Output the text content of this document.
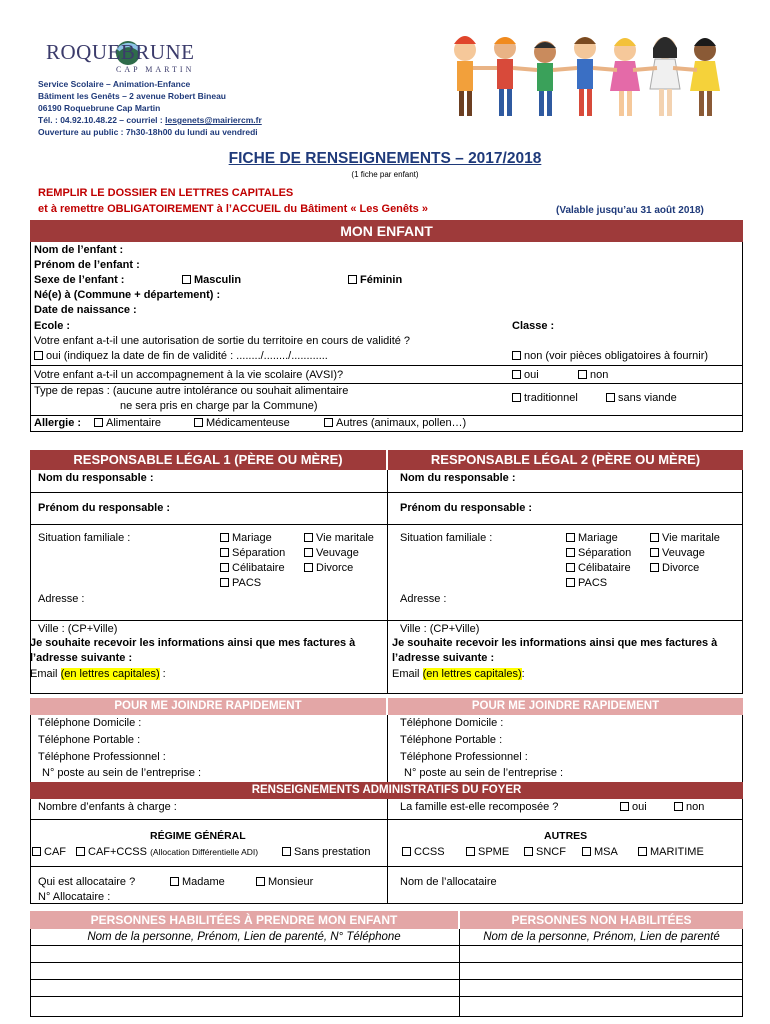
ROQUEBRUNE
CAP MARTIN
Service Scolaire – Animation-Enfance
Bâtiment les Genêts – 2 avenue Robert Bineau
06190 Roquebrune Cap Martin
Tél. : 04.92.10.48.22 – courriel : lesgenets@mairiercm.fr
Ouverture au public : 7h30-18h00 du lundi au vendredi
FICHE DE RENSEIGNEMENTS – 2017/2018
(1 fiche par enfant)
REMPLIR LE DOSSIER EN LETTRES CAPITALES
et à remettre OBLIGATOIREMENT à l’ACCUEIL du Bâtiment « Les Genêts »	(Valable jusqu’au 31 août 2018)
MON ENFANT
Nom de l’enfant :
Prénom de l’enfant :
Sexe de l’enfant :	Masculin	Féminin
Né(e) à (Commune + département) :
Date de naissance :
Ecole :	Classe :
Votre enfant a-t-il une autorisation de sortie du territoire en cours de validité ?
oui (indiquez la date de fin de validité : ......../......../............	non (voir pièces obligatoires à fournir)
Votre enfant a-t-il un accompagnement à la vie scolaire (AVSI)?	oui	non
Type de repas : (aucune autre intolérance ou souhait alimentaire
ne sera pris en charge par la Commune)
traditionnel	sans viande
Allergie :	Alimentaire	Médicamenteuse	Autres (animaux, pollen…)
RESPONSABLE LÉGAL 1 (PÈRE OU MÈRE)	RESPONSABLE LÉGAL 2 (PÈRE OU MÈRE)
Nom du responsable :
Prénom du responsable :
Situation familiale :	Mariage	Vie maritale
Séparation	Veuvage
Célibataire	Divorce
PACS
Adresse :
Ville : (CP+Ville)
Je souhaite recevoir les informations ainsi que mes factures à
l’adresse suivante :
Email (en lettres capitales) :
Nom du responsable :
Prénom du responsable :
Situation familiale :	Mariage	Vie maritale
Séparation	Veuvage
Célibataire	Divorce
PACS
Adresse :
Ville : (CP+Ville)
Je souhaite recevoir les informations ainsi que mes factures à
l’adresse suivante :
Email (en lettres capitales):
POUR ME JOINDRE RAPIDEMENT	POUR ME JOINDRE RAPIDEMENT
Téléphone Domicile :
Téléphone Portable :
Téléphone Professionnel :
N° poste au sein de l’entreprise :
Téléphone Domicile :
Téléphone Portable :
Téléphone Professionnel :
N° poste au sein de l’entreprise :
RENSEIGNEMENTS ADMINISTRATIFS DU FOYER
Nombre d’enfants à charge :	La famille est-elle recomposée ?	oui	non
RÉGIME GÉNÉRAL
CAF	CAF+CCSS (Allocation Différentielle ADI)	Sans prestation
AUTRES
CCSS	SPME	SNCF	MSA	MARITIME
Qui est allocataire ?	Madame	Monsieur
N° Allocataire :
Nom de l’allocataire
PERSONNES HABILITÉES À PRENDRE MON ENFANT	PERSONNES NON HABILITÉES
Nom de la personne, Prénom, Lien de parenté, N° Téléphone	Nom de la personne, Prénom, Lien de parenté
